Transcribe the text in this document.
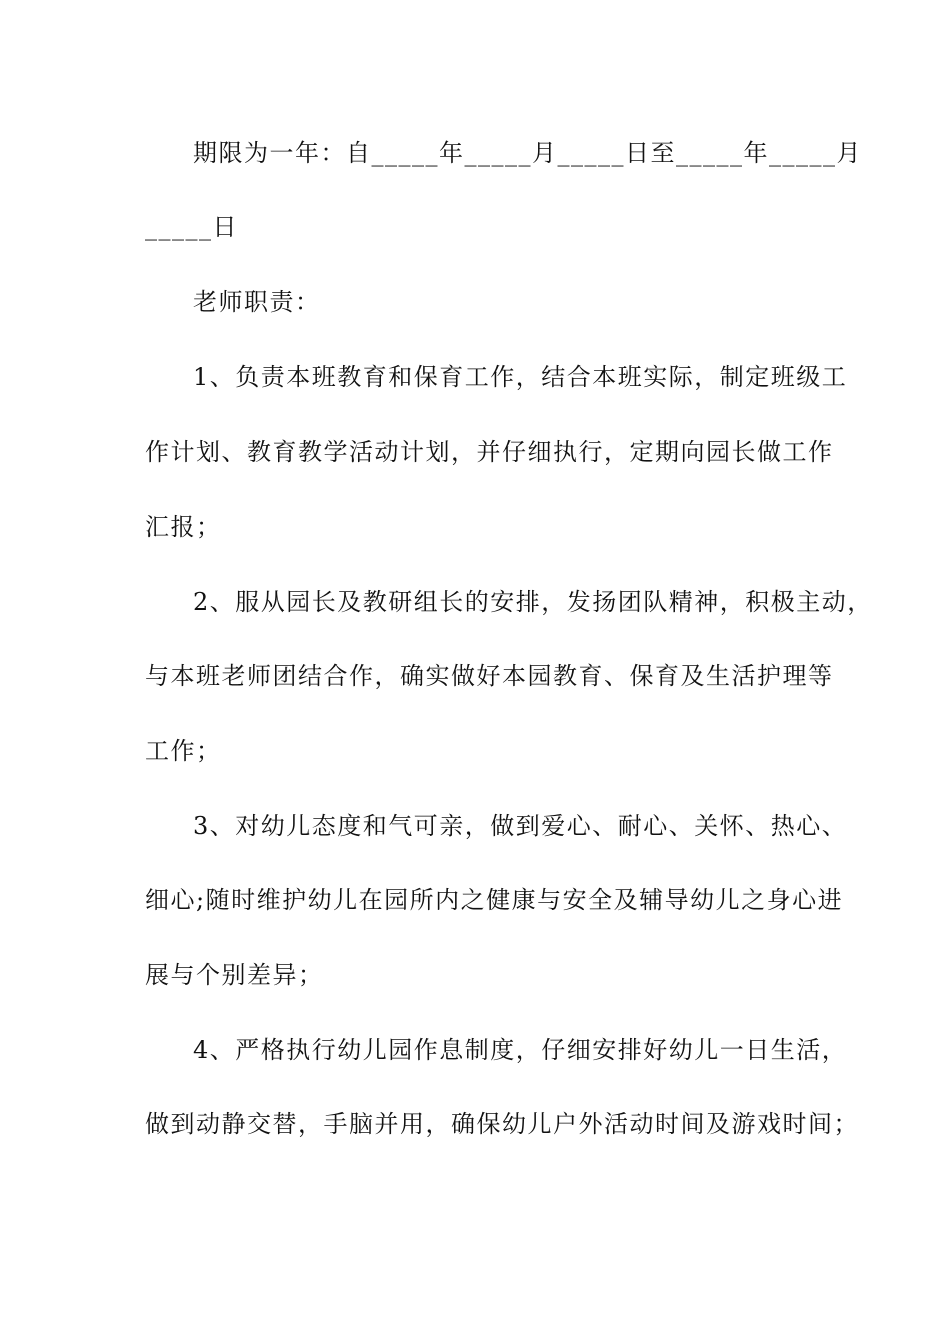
期限为一年：自_____年_____月_____日至_____年_____月
_____日
老师职责：
1、负责本班教育和保育工作，结合本班实际，制定班级工
作计划、教育教学活动计划，并仔细执行，定期向园长做工作
汇报；
2、服从园长及教研组长的安排，发扬团队精神，积极主动，
与本班老师团结合作，确实做好本园教育、保育及生活护理等
工作；
3、对幼儿态度和气可亲，做到爱心、耐心、关怀、热心、
细心;随时维护幼儿在园所内之健康与安全及辅导幼儿之身心进
展与个别差异；
4、严格执行幼儿园作息制度，仔细安排好幼儿一日生活，
做到动静交替，手脑并用，确保幼儿户外活动时间及游戏时间；
